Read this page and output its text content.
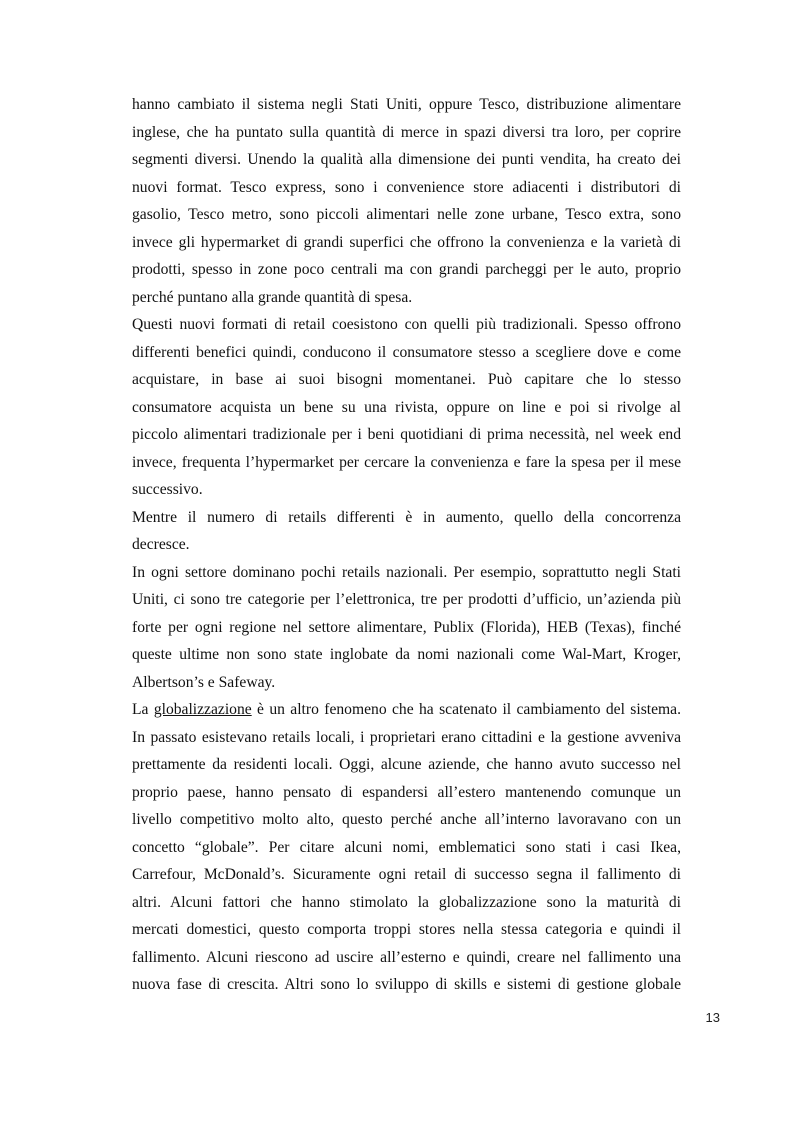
hanno cambiato il sistema negli Stati Uniti, oppure Tesco, distribuzione alimentare
inglese, che ha puntato sulla quantità di merce in spazi diversi tra loro, per coprire
segmenti diversi. Unendo la qualità alla dimensione dei punti vendita, ha creato dei
nuovi format. Tesco express, sono i convenience store adiacenti i distributori di
gasolio, Tesco metro, sono piccoli alimentari nelle zone urbane, Tesco extra, sono
invece gli hypermarket di grandi superfici che offrono la convenienza e la varietà di
prodotti, spesso in zone poco centrali ma con grandi parcheggi per le auto, proprio
perché puntano alla grande quantità di spesa.

Questi nuovi formati di retail coesistono con quelli più tradizionali. Spesso offrono
differenti benefici quindi, conducono il consumatore stesso a scegliere dove e come
acquistare, in base ai suoi bisogni momentanei. Può capitare che lo stesso
consumatore acquista un bene su una rivista, oppure on line e poi si rivolge al
piccolo alimentari tradizionale per i beni quotidiani di prima necessità, nel week end
invece, frequenta l’hypermarket per cercare la convenienza e fare la spesa per il mese
successivo.

Mentre il numero di retails differenti è in aumento, quello della concorrenza
decresce.

In ogni settore dominano pochi retails nazionali. Per esempio, soprattutto negli Stati
Uniti, ci sono tre categorie per l’elettronica, tre per prodotti d’ufficio, un’azienda più
forte per ogni regione nel settore alimentare, Publix (Florida), HEB (Texas), finché
queste ultime non sono state inglobate da nomi nazionali come Wal-Mart, Kroger,
Albertson’s e Safeway.

La globalizzazione è un altro fenomeno che ha scatenato il cambiamento del sistema.
In passato esistevano retails locali, i proprietari erano cittadini e la gestione avveniva
prettamente da residenti locali. Oggi, alcune aziende, che hanno avuto successo nel
proprio paese, hanno pensato di espandersi all’estero mantenendo comunque un
livello competitivo molto alto, questo perché anche all’interno lavoravano con un
concetto “globale”. Per citare alcuni nomi, emblematici sono stati i casi Ikea,
Carrefour, McDonald’s. Sicuramente ogni retail di successo segna il fallimento di
altri. Alcuni fattori che hanno stimolato la globalizzazione sono la maturità di
mercati domestici, questo comporta troppi stores nella stessa categoria e quindi il
fallimento. Alcuni riescono ad uscire all’esterno e quindi, creare nel fallimento una
nuova fase di crescita. Altri sono lo sviluppo di skills e sistemi di gestione globale

13
